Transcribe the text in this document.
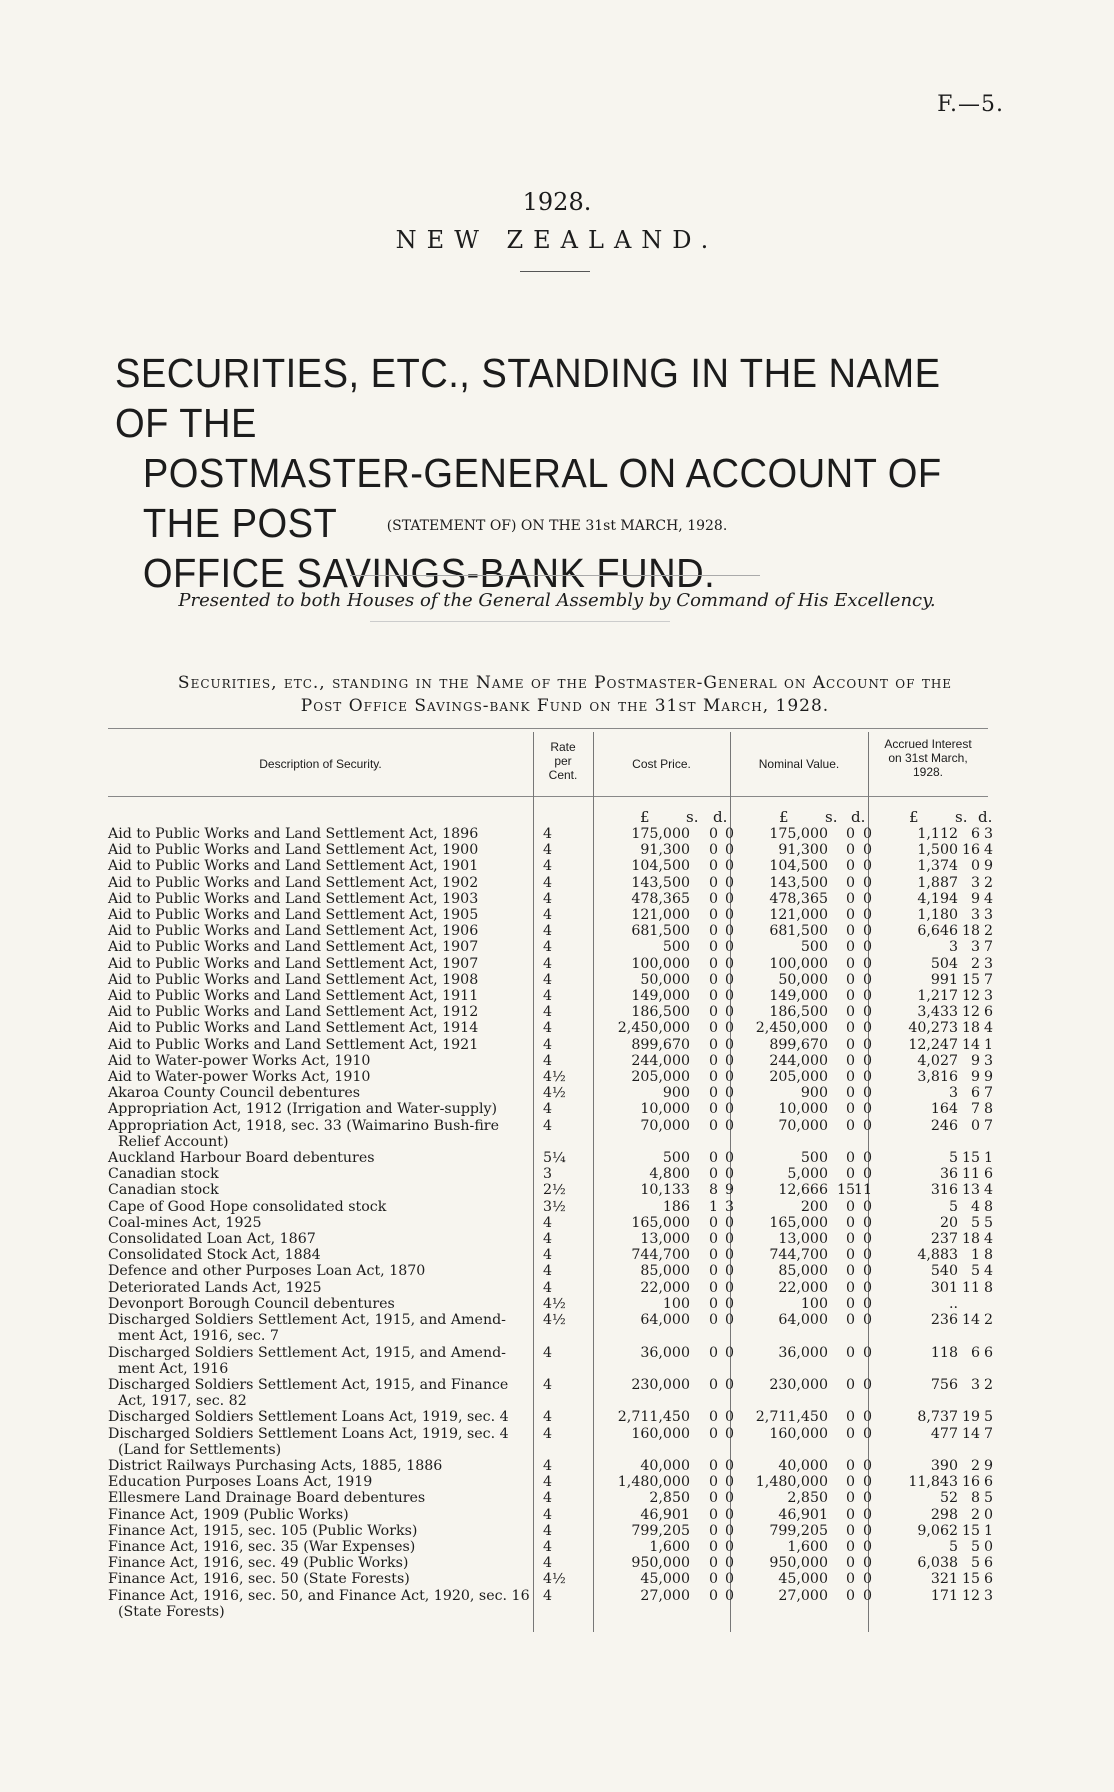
F.—5.
1928.
NEW ZEALAND.
SECURITIES, ETC., STANDING IN THE NAME OF THE
POSTMASTER-GENERAL ON ACCOUNT OF THE POST
OFFICE SAVINGS-BANK FUND.
(STATEMENT OF) ON THE 31st MARCH, 1928.
Presented to both Houses of the General Assembly by Command of His Excellency.
Securities, etc., standing in the Name of the Postmaster-General on Account of the
Post Office Savings-bank Fund on the 31st March, 1928.
Description of Security.
Rate
per
Cent.
Cost Price.	Nominal Value.
Accrued Interest
on 31st March,
1928.
£ s. d.	£ s. d.	£ s. d.
Aid to Public Works and Land Settlement Act, 1896	4	175,000	0 0	175,000	0 0	1,112 6 3
Aid to Public Works and Land Settlement Act, 1900	4	91,300	0 0	91,300	0 0	1,500 16 4
Aid to Public Works and Land Settlement Act, 1901	4	104,500	0 0	104,500	0 0	1,374 0 9
Aid to Public Works and Land Settlement Act, 1902	4	143,500	0 0	143,500	0 0	1,887 3 2
Aid to Public Works and Land Settlement Act, 1903	4	478,365	0 0	478,365	0 0	4,194 9 4
Aid to Public Works and Land Settlement Act, 1905	4	121,000	0 0	121,000	0 0	1,180 3 3
Aid to Public Works and Land Settlement Act, 1906	4	681,500	0 0	681,500	0 0	6,646 18 2
Aid to Public Works and Land Settlement Act, 1907	4	500	0 0	500	0 0	3 3 7
Aid to Public Works and Land Settlement Act, 1907	4	100,000	0 0	100,000	0 0	504 2 3
Aid to Public Works and Land Settlement Act, 1908	4	50,000	0 0	50,000	0 0	991 15 7
Aid to Public Works and Land Settlement Act, 1911	4	149,000	0 0	149,000	0 0	1,217 12 3
Aid to Public Works and Land Settlement Act, 1912	4	186,500	0 0	186,500	0 0	3,433 12 6
Aid to Public Works and Land Settlement Act, 1914	4	2,450,000	0 0	2,450,000	0 0	40,273 18 4
Aid to Public Works and Land Settlement Act, 1921	4	899,670	0 0	899,670	0 0	12,247 14 1
Aid to Water-power Works Act, 1910	4	244,000	0 0	244,000	0 0	4,027 9 3
Aid to Water-power Works Act, 1910	4½	205,000	0 0	205,000	0 0	3,816 9 9
Akaroa County Council debentures	4½	900	0 0	900	0 0	3 6 7
Appropriation Act, 1912 (Irrigation and Water-supply)	4	10,000	0 0	10,000	0 0	164 7 8
Appropriation Act, 1918, sec. 33 (Waimarino Bush-fire
Relief Account)
4	70,000	0 0	70,000	0 0	246 0 7
Auckland Harbour Board debentures	5¼	500	0 0	500	0 0	5 15 1
Canadian stock	3	4,800	0 0	5,000	0 0	36 11 6
Canadian stock	2½	10,133	8 9	12,666 15 11	316 13 4
Cape of Good Hope consolidated stock	3½	186	1 3	200	0 0	5 4 8
Coal-mines Act, 1925	4	165,000	0 0	165,000	0 0	20 5 5
Consolidated Loan Act, 1867	4	13,000	0 0	13,000	0 0	237 18 4
Consolidated Stock Act, 1884	4	744,700	0 0	744,700	0 0	4,883 1 8
Defence and other Purposes Loan Act, 1870	4	85,000	0 0	85,000	0 0	540 5 4
Deteriorated Lands Act, 1925	4	22,000	0 0	22,000	0 0	301 11 8
Devonport Borough Council debentures	4½	100	0 0	100	0 0	..
Discharged Soldiers Settlement Act, 1915, and Amend-
ment Act, 1916, sec. 7
4½	64,000	0 0	64,000	0 0	236 14 2
Discharged Soldiers Settlement Act, 1915, and Amend-
ment Act, 1916
4	36,000	0 0	36,000	0 0	118 6 6
Discharged Soldiers Settlement Act, 1915, and Finance
Act, 1917, sec. 82
4	230,000	0 0	230,000	0 0	756 3 2
Discharged Soldiers Settlement Loans Act, 1919, sec. 4	4	2,711,450	0 0	2,711,450	0 0	8,737 19 5
Discharged Soldiers Settlement Loans Act, 1919, sec. 4
(Land for Settlements)
4	160,000	0 0	160,000	0 0	477 14 7
District Railways Purchasing Acts, 1885, 1886	4	40,000	0 0	40,000	0 0	390 2 9
Education Purposes Loans Act, 1919	4	1,480,000	0 0	1,480,000	0 0	11,843 16 6
Ellesmere Land Drainage Board debentures	4	2,850	0 0	2,850	0 0	52 8 5
Finance Act, 1909 (Public Works)	4	46,901	0 0	46,901	0 0	298 2 0
Finance Act, 1915, sec. 105 (Public Works)	4	799,205	0 0	799,205	0 0	9,062 15 1
Finance Act, 1916, sec. 35 (War Expenses)	4	1,600	0 0	1,600	0 0	5 5 0
Finance Act, 1916, sec. 49 (Public Works)	4	950,000	0 0	950,000	0 0	6,038 5 6
Finance Act, 1916, sec. 50 (State Forests)	4½	45,000	0 0	45,000	0 0	321 15 6
Finance Act, 1916, sec. 50, and Finance Act, 1920, sec. 16
(State Forests)
4	27,000	0 0	27,000	0 0	171 12 3
